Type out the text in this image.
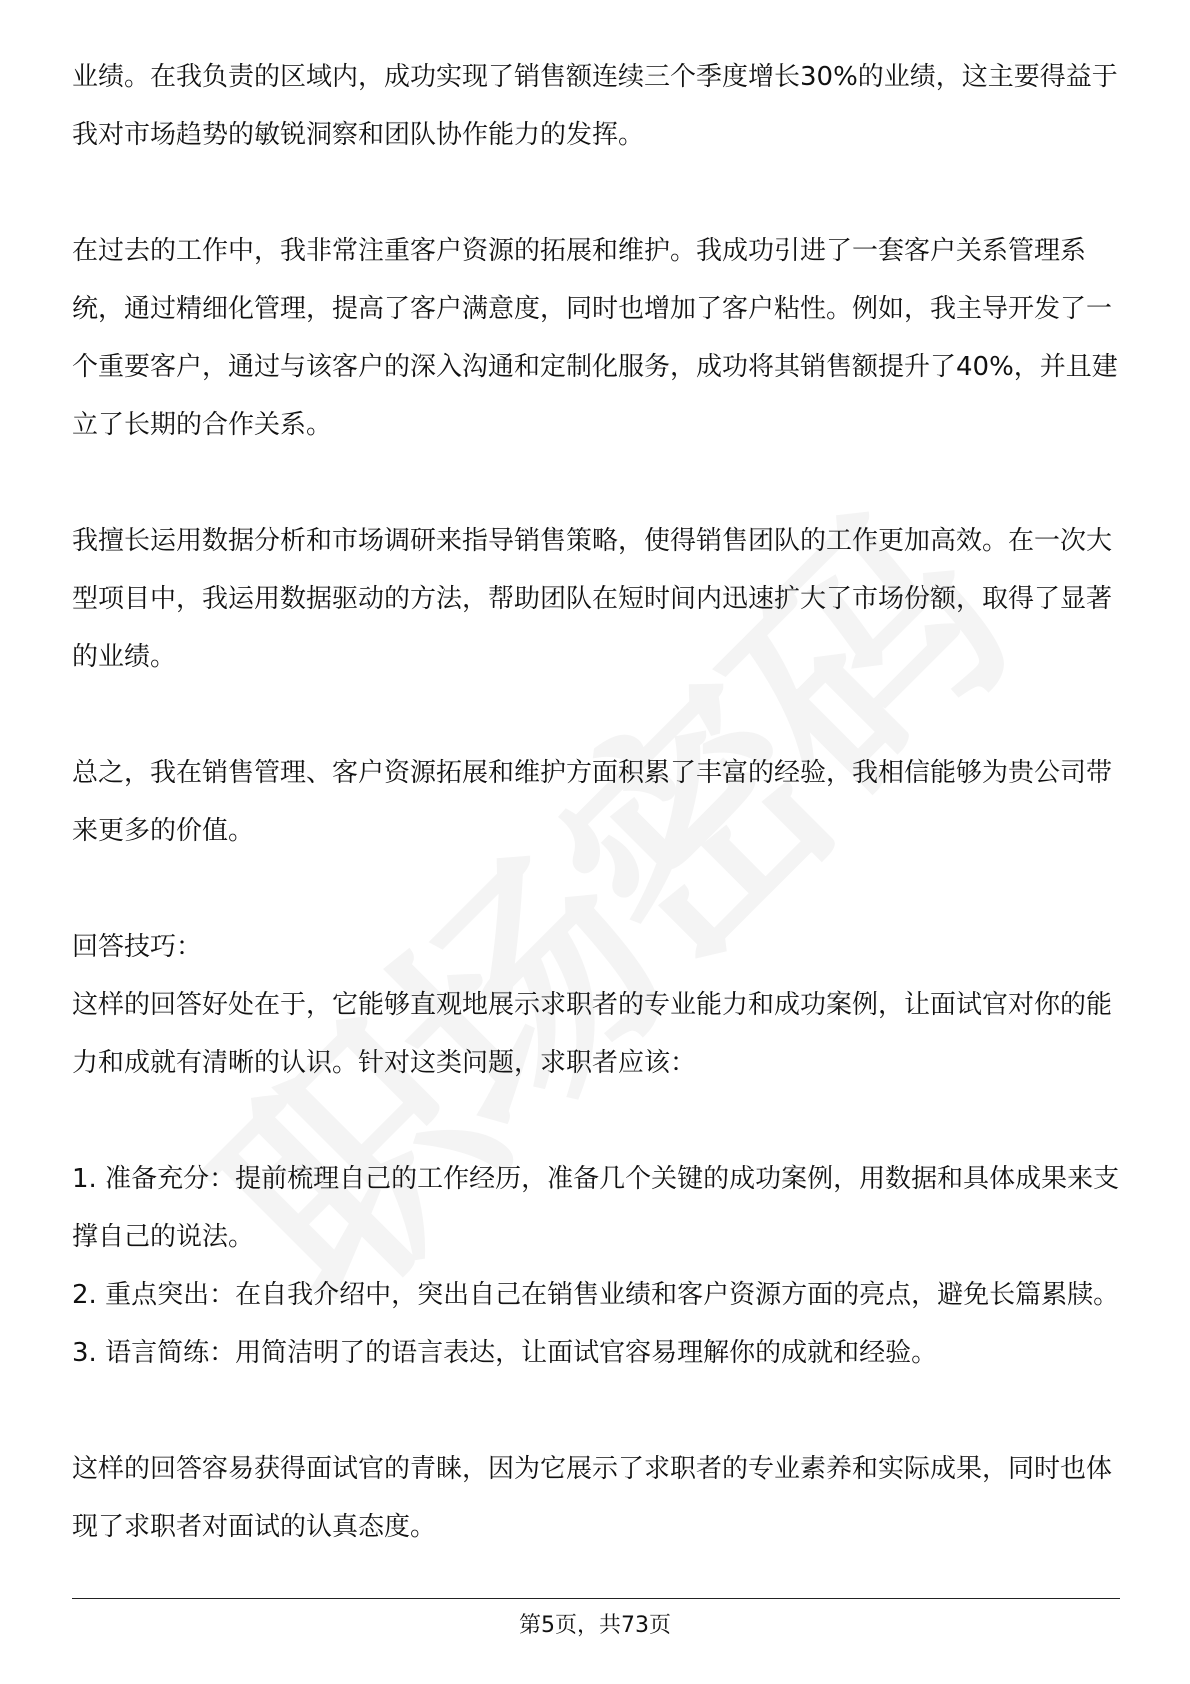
业绩。在我负责的区域内，成功实现了销售额连续三个季度增长30%的业绩，这主要得益于我对市场趋势的敏锐洞察和团队协作能力的发挥。

在过去的工作中，我非常注重客户资源的拓展和维护。我成功引进了一套客户关系管理系统，通过精细化管理，提高了客户满意度，同时也增加了客户粘性。例如，我主导开发了一个重要客户，通过与该客户的深入沟通和定制化服务，成功将其销售额提升了40%，并且建立了长期的合作关系。

我擅长运用数据分析和市场调研来指导销售策略，使得销售团队的工作更加高效。在一次大型项目中，我运用数据驱动的方法，帮助团队在短时间内迅速扩大了市场份额，取得了显著的业绩。

总之，我在销售管理、客户资源拓展和维护方面积累了丰富的经验，我相信能够为贵公司带来更多的价值。

回答技巧：

这样的回答好处在于，它能够直观地展示求职者的专业能力和成功案例，让面试官对你的能力和成就有清晰的认识。针对这类问题，求职者应该：

1. 准备充分：提前梳理自己的工作经历，准备几个关键的成功案例，用数据和具体成果来支撑自己的说法。

2. 重点突出：在自我介绍中，突出自己在销售业绩和客户资源方面的亮点，避免长篇累牍。

3. 语言简练：用简洁明了的语言表达，让面试官容易理解你的成就和经验。

这样的回答容易获得面试官的青睐，因为它展示了求职者的专业素养和实际成果，同时也体现了求职者对面试的认真态度。

第5页，共73页
